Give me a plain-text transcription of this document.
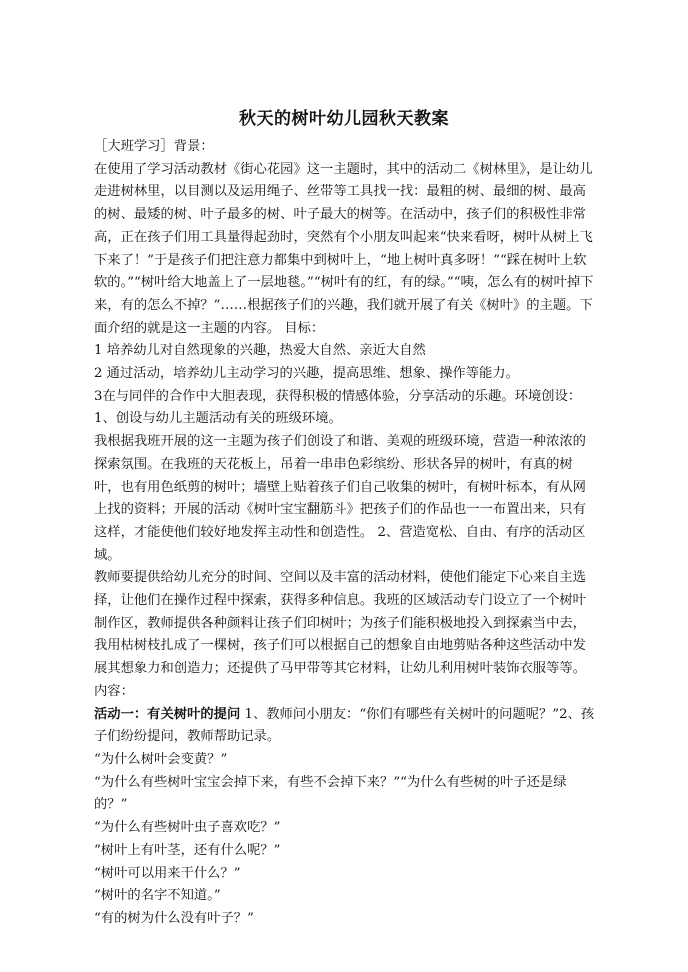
秋天的树叶幼儿园秋天教案

［大班学习］背景：

在使用了学习活动教材《街心花园》这一主题时，其中的活动二《树林里》，是让幼儿走进树林里，以目测以及运用绳子、丝带等工具找一找：最粗的树、最细的树、最高的树、最矮的树、叶子最多的树、叶子最大的树等。在活动中，孩子们的积极性非常高，正在孩子们用工具量得起劲时，突然有个小朋友叫起来“快来看呀，树叶从树上飞下来了！”于是孩子们把注意力都集中到树叶上，“地上树叶真多呀！”“踩在树叶上软软的。”“树叶给大地盖上了一层地毯。”“树叶有的红，有的绿。”“咦，怎么有的树叶掉下来，有的怎么不掉？”……根据孩子们的兴趣，我们就开展了有关《树叶》的主题。下面介绍的就是这一主题的内容。 目标：

1 培养幼儿对自然现象的兴趣，热爱大自然、亲近大自然

2 通过活动，培养幼儿主动学习的兴趣，提高思维、想象、操作等能力。

3在与同伴的合作中大胆表现，获得积极的情感体验，分享活动的乐趣。环境创设：1、创设与幼儿主题活动有关的班级环境。

我根据我班开展的这一主题为孩子们创设了和谐、美观的班级环境，营造一种浓浓的探索氛围。在我班的天花板上，吊着一串串色彩缤纷、形状各异的树叶，有真的树叶，也有用色纸剪的树叶；墙壁上贴着孩子们自己收集的树叶，有树叶标本，有从网上找的资料；开展的活动《树叶宝宝翻筋斗》把孩子们的作品也一一布置出来，只有这样，才能使他们较好地发挥主动性和创造性。 2、营造宽松、自由、有序的活动区域。

教师要提供给幼儿充分的时间、空间以及丰富的活动材料，使他们能定下心来自主选择，让他们在操作过程中探索，获得多种信息。我班的区域活动专门设立了一个树叶制作区，教师提供各种颜料让孩子们印树叶；为孩子们能积极地投入到探索当中去，我用枯树枝扎成了一棵树，孩子们可以根据自己的想象自由地剪贴各种这些活动中发展其想象力和创造力；还提供了马甲带等其它材料，让幼儿利用树叶装饰衣服等等。 内容：

活动一：有关树叶的提问 1、教师问小朋友：“你们有哪些有关树叶的问题呢？”2、孩子们纷纷提问，教师帮助记录。

“为什么树叶会变黄？”

“为什么有些树叶宝宝会掉下来，有些不会掉下来？”“为什么有些树的叶子还是绿的？”

“为什么有些树叶虫子喜欢吃？”

“树叶上有叶茎，还有什么呢？”

“树叶可以用来干什么？”

“树叶的名字不知道。”

“有的树为什么没有叶子？”
